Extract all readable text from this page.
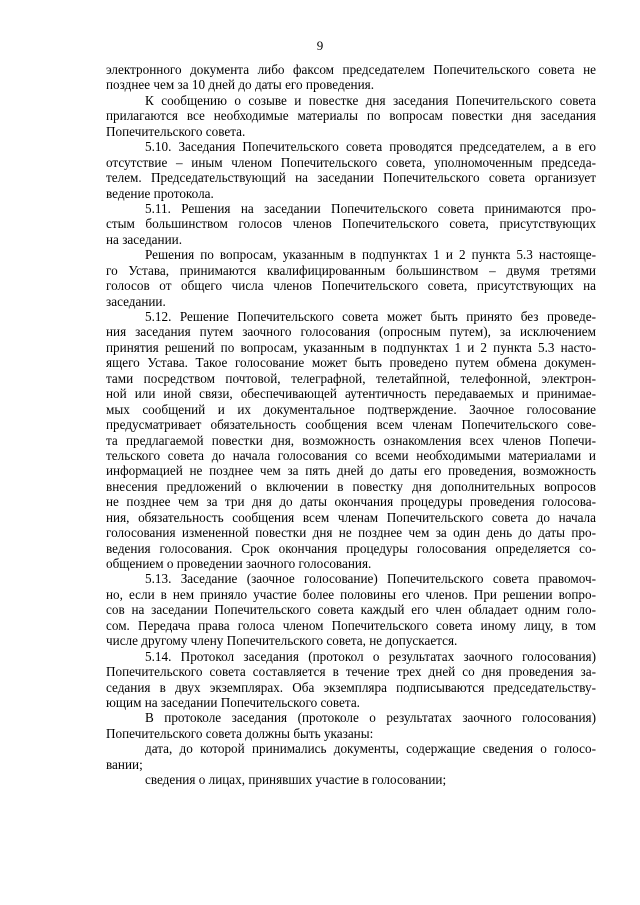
9
электронного документа либо факсом председателем Попечительского совета не
позднее чем за 10 дней до даты его проведения.
К сообщению о созыве и повестке дня заседания Попечительского совета
прилагаются все необходимые материалы по вопросам повестки дня заседания
Попечительского совета.
5.10. Заседания Попечительского совета проводятся председателем, а в его
отсутствие – иным членом Попечительского совета, уполномоченным председа-
телем. Председательствующий на заседании Попечительского совета организует
ведение протокола.
5.11. Решения на заседании Попечительского совета принимаются про-
стым большинством голосов членов Попечительского совета, присутствующих
на заседании.
Решения по вопросам, указанным в подпунктах 1 и 2 пункта 5.3 настояще-
го Устава, принимаются квалифицированным большинством – двумя третями
голосов от общего числа членов Попечительского совета, присутствующих на
заседании.
5.12. Решение Попечительского совета может быть принято без проведе-
ния заседания путем заочного голосования (опросным путем), за исключением
принятия решений по вопросам, указанным в подпунктах 1 и 2 пункта 5.3 насто-
ящего Устава. Такое голосование может быть проведено путем обмена докумен-
тами посредством почтовой, телеграфной, телетайпной, телефонной, электрон-
ной или иной связи, обеспечивающей аутентичность передаваемых и принимае-
мых сообщений и их документальное подтверждение. Заочное голосование
предусматривает обязательность сообщения всем членам Попечительского сове-
та предлагаемой повестки дня, возможность ознакомления всех членов Попечи-
тельского совета до начала голосования со всеми необходимыми материалами и
информацией не позднее чем за пять дней до даты его проведения, возможность
внесения предложений о включении в повестку дня дополнительных вопросов
не позднее чем за три дня до даты окончания процедуры проведения голосова-
ния, обязательность сообщения всем членам Попечительского совета до начала
голосования измененной повестки дня не позднее чем за один день до даты про-
ведения голосования. Срок окончания процедуры голосования определяется со-
общением о проведении заочного голосования.
5.13. Заседание (заочное голосование) Попечительского совета правомоч-
но, если в нем приняло участие более половины его членов. При решении вопро-
сов на заседании Попечительского совета каждый его член обладает одним голо-
сом. Передача права голоса членом Попечительского совета иному лицу, в том
числе другому члену Попечительского совета, не допускается.
5.14. Протокол заседания (протокол о результатах заочного голосования)
Попечительского совета составляется в течение трех дней со дня проведения за-
седания в двух экземплярах. Оба экземпляра подписываются председательству-
ющим на заседании Попечительского совета.
В протоколе заседания (протоколе о результатах заочного голосования)
Попечительского совета должны быть указаны:
дата, до которой принимались документы, содержащие сведения о голосо-
вании;
сведения о лицах, принявших участие в голосовании;
